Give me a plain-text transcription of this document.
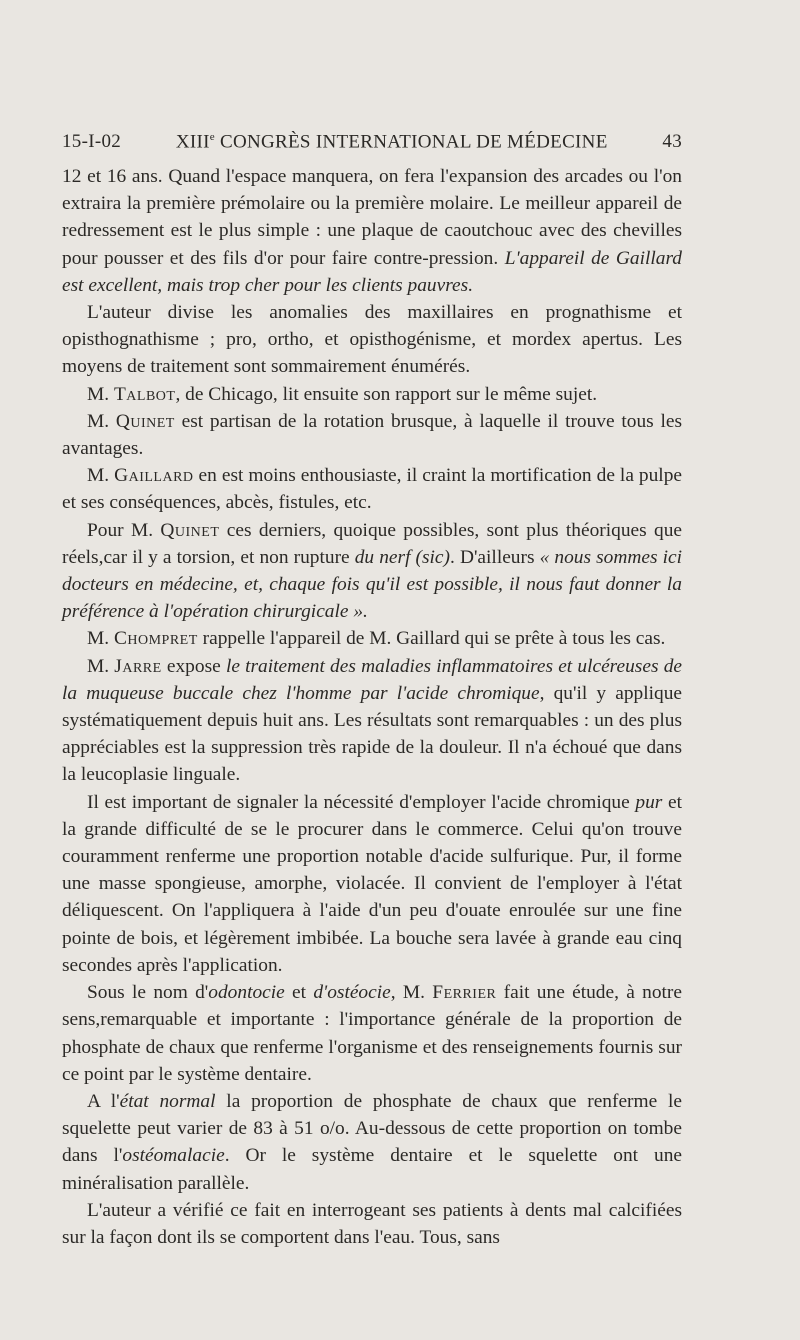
15-I-02	XIIIe CONGRÈS INTERNATIONAL DE MÉDECINE	43

12 et 16 ans. Quand l'espace manquera, on fera l'expansion des arcades ou l'on extraira la première prémolaire ou la première molaire. Le meilleur appareil de redressement est le plus simple : une plaque de caoutchouc avec des chevilles pour pousser et des fils d'or pour faire contre-pression. L'appareil de Gaillard est excellent, mais trop cher pour les clients pauvres.

L'auteur divise les anomalies des maxillaires en prognathisme et opisthognathisme ; pro, ortho, et opisthogénisme, et mordex apertus. Les moyens de traitement sont sommairement énumérés.

M. Talbot, de Chicago, lit ensuite son rapport sur le même sujet.

M. Quinet est partisan de la rotation brusque, à laquelle il trouve tous les avantages.

M. Gaillard en est moins enthousiaste, il craint la mortification de la pulpe et ses conséquences, abcès, fistules, etc.

Pour M. Quinet ces derniers, quoique possibles, sont plus théoriques que réels,car il y a torsion, et non rupture du nerf (sic). D'ailleurs « nous sommes ici docteurs en médecine, et, chaque fois qu'il est possible, il nous faut donner la préférence à l'opération chirurgicale ».

M. Chompret rappelle l'appareil de M. Gaillard qui se prête à tous les cas.

M. Jarre expose le traitement des maladies inflammatoires et ulcéreuses de la muqueuse buccale chez l'homme par l'acide chromique, qu'il y applique systématiquement depuis huit ans. Les résultats sont remarquables : un des plus appréciables est la suppression très rapide de la douleur. Il n'a échoué que dans la leucoplasie linguale.

Il est important de signaler la nécessité d'employer l'acide chromique pur et la grande difficulté de se le procurer dans le commerce. Celui qu'on trouve couramment renferme une proportion notable d'acide sulfurique. Pur, il forme une masse spongieuse, amorphe, violacée. Il convient de l'employer à l'état déliquescent. On l'appliquera à l'aide d'un peu d'ouate enroulée sur une fine pointe de bois, et légèrement imbibée. La bouche sera lavée à grande eau cinq secondes après l'application.

Sous le nom d'odontocie et d'ostéocie, M. Ferrier fait une étude, à notre sens,remarquable et importante : l'importance générale de la proportion de phosphate de chaux que renferme l'organisme et des renseignements fournis sur ce point par le système dentaire.

A l'état normal la proportion de phosphate de chaux que renferme le squelette peut varier de 83 à 51 o/o. Au-dessous de cette proportion on tombe dans l'ostéomalacie. Or le système dentaire et le squelette ont une minéralisation parallèle.

L'auteur a vérifié ce fait en interrogeant ses patients à dents mal calcifiées sur la façon dont ils se comportent dans l'eau. Tous, sans
